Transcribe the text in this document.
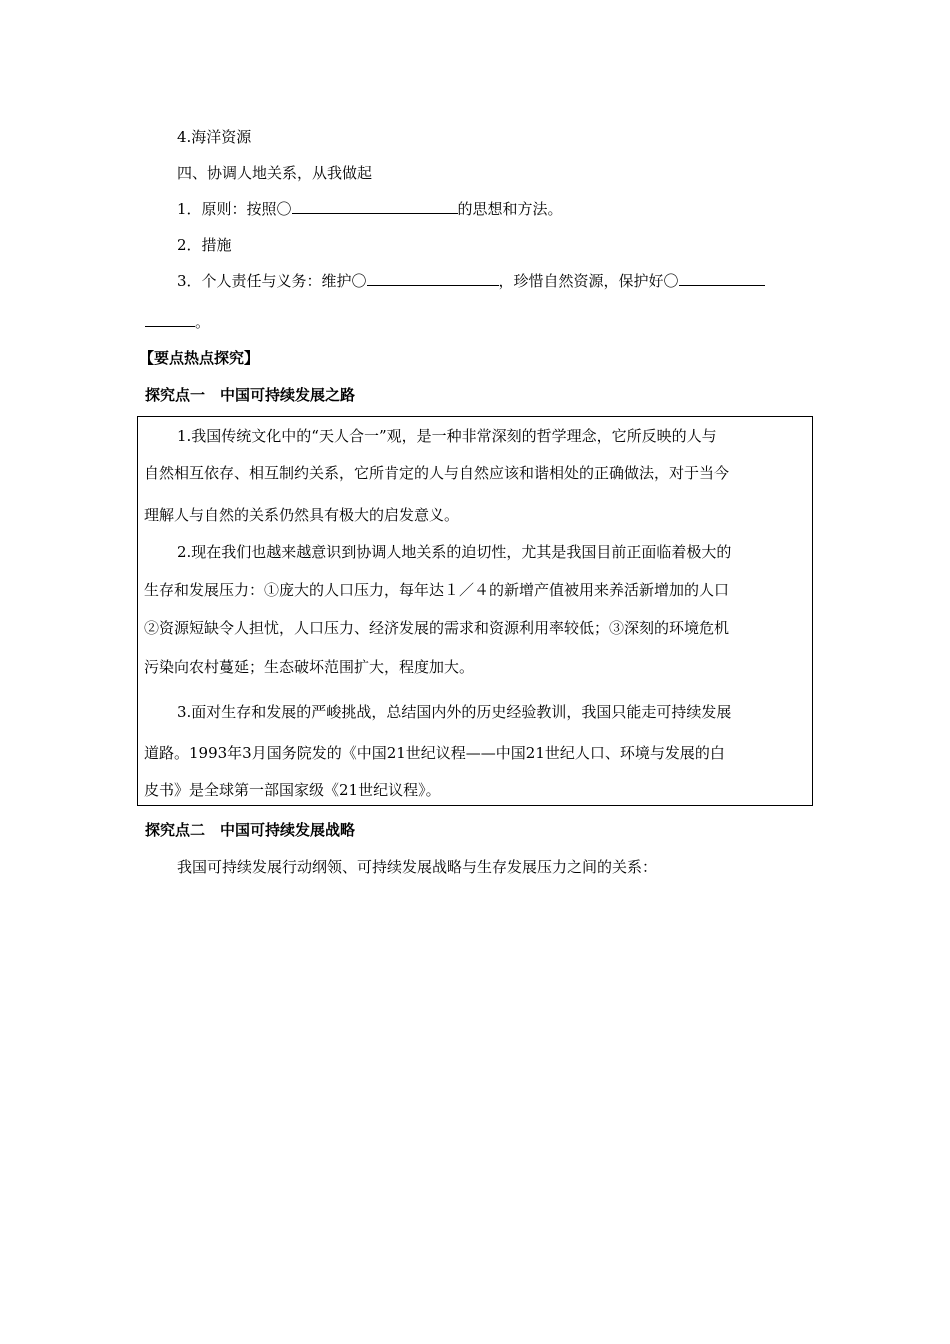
4.海洋资源
四、协调人地关系，从我做起
1．原则：按照〇	的思想和方法。
2．措施
3．个人责任与义务：维护〇	，珍惜自然资源，保护好〇
。
【要点热点探究】
探究点一　中国可持续发展之路
1.我国传统文化中的“天人合一”观，是一种非常深刻的哲学理念，它所反映的人与
自然相互依存、相互制约关系，它所肯定的人与自然应该和谐相处的正确做法，对于当今
理解人与自然的关系仍然具有极大的启发意义。
2.现在我们也越来越意识到协调人地关系的迫切性，尤其是我国目前正面临着极大的
生存和发展压力：①庞大的人口压力，每年达１／４的新增产值被用来养活新增加的人口
②资源短缺令人担忧，人口压力、经济发展的需求和资源利用率较低；③深刻的环境危机
污染向农村蔓延；生态破坏范围扩大，程度加大。
3.面对生存和发展的严峻挑战，总结国内外的历史经验教训，我国只能走可持续发展
道路。1993年3月国务院发的《中国21世纪议程——中国21世纪人口、环境与发展的白
皮书》是全球第一部国家级《21世纪议程》。
探究点二　中国可持续发展战略
我国可持续发展行动纲领、可持续发展战略与生存发展压力之间的关系：
